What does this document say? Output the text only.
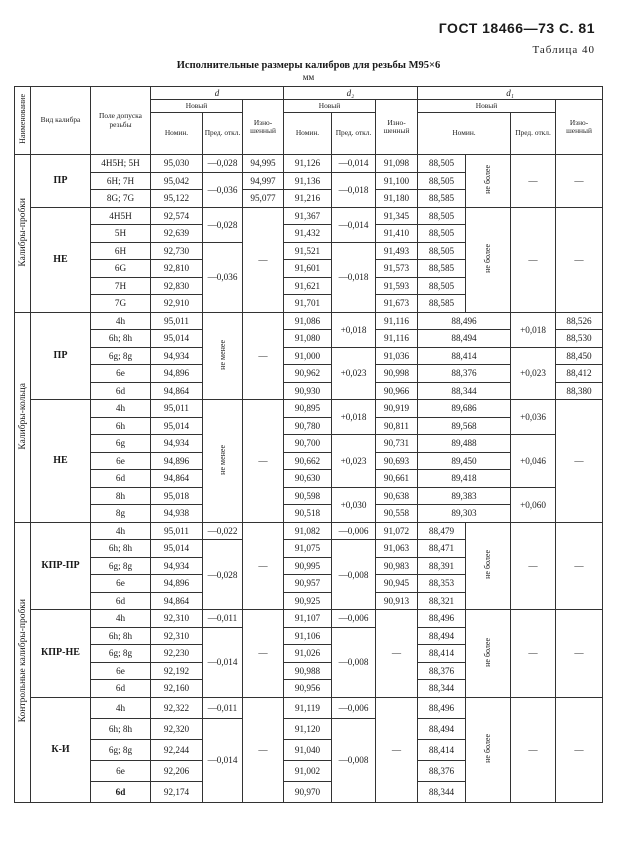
ГОСТ 18466—73 С. 81
Таблица 40
Исполнительные размеры калибров для резьбы М95×6
мм
Наименование	Вид калибра	Поле допуска резьбы	d			d₂			d₁			
			Новый		Изно-шенный	Новый		Изно-шенный	Новый			Изно-шенный
			Номин.	Пред. откл.		Номин.	Пред. откл.		Номин.		Пред. откл.	
Калибры-пробки	ПР	4H5H; 5H	95,030	—0,028	94,995	91,126	—0,014	91,098	88,505	не более	—	—
		6H; 7H	95,042	—0,036	94,997	91,136	—0,018	91,100	88,505			
		8G; 7G	95,122		95,077	91,216		91,180	88,585			
	НЕ	4H5H	92,574	—0,028	—	91,367	—0,014	91,345	88,505	не более	—	—
		5H	92,639			91,432		91,410	88,505			
		6H	92,730	—0,036		91,521	—0,018	91,493	88,505			
		6G	92,810			91,601		91,573	88,585			
		7H	92,830			91,621		91,593	88,505			
		7G	92,910			91,701		91,673	88,585			
Калибры-кольца	ПР	4h	95,011	не менее	—	91,086	+0,018	91,116	88,496		+0,018	88,526
		6h; 8h	95,014			91,080		91,116	88,494			88,530
		6g; 8g	94,934			91,000	+0,023	91,036	88,414		+0,023	88,450
		6e	94,896			90,962		90,998	88,376			88,412
		6d	94,864			90,930		90,966	88,344			88,380
	НЕ	4h	95,011	не менее	—	90,895	+0,018	90,919	89,686		+0,036	—
		6h	95,014			90,780		90,811	89,568			
		6g	94,934			90,700	+0,023	90,731	89,488		+0,046	
		6e	94,896			90,662		90,693	89,450			
		6d	94,864			90,630		90,661	89,418			
		8h	95,018			90,598	+0,030	90,638	89,383		+0,060	
		8g	94,938			90,518		90,558	89,303			
Контрольные калибры-пробки	КПР-ПР	4h	95,011	—0,022	—	91,082	—0,006	91,072	88,479	не более	—	—
		6h; 8h	95,014	—0,028		91,075	—0,008	91,063	88,471			
		6g; 8g	94,934			90,995		90,983	88,391			
		6e	94,896			90,957		90,945	88,353			
		6d	94,864			90,925		90,913	88,321			
	КПР-НЕ	4h	92,310	—0,011	—	91,107	—0,006	—	88,496	не более	—	—
		6h; 8h	92,310	—0,014		91,106	—0,008		88,494			
		6g; 8g	92,230			91,026			88,414			
		6e	92,192			90,988			88,376			
		6d	92,160			90,956			88,344			
	К-И	4h	92,322	—0,011	—	91,119	—0,006	—	88,496	не более	—	—
		6h; 8h	92,320	—0,014		91,120	—0,008		88,494			
		6g; 8g	92,244			91,040			88,414			
		6e	92,206			91,002			88,376			
		6d	92,174			90,970			88,344			
